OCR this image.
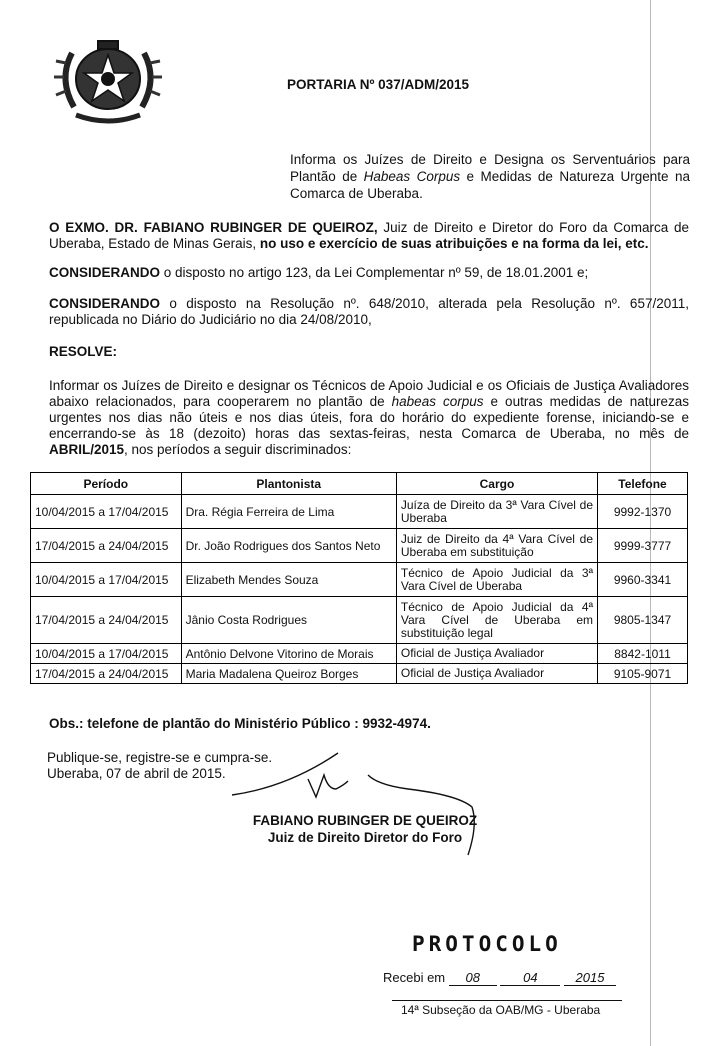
PORTARIA Nº 037/ADM/2015
Informa os Juízes de Direito e Designa os Serventuários para Plantão de Habeas Corpus e Medidas de Natureza Urgente na Comarca de Uberaba.
O EXMO. DR. FABIANO RUBINGER DE QUEIROZ, Juiz de Direito e Diretor do Foro da Comarca de Uberaba, Estado de Minas Gerais, no uso e exercício de suas atribuições e na forma da lei, etc.
CONSIDERANDO o disposto no artigo 123, da Lei Complementar nº 59, de 18.01.2001 e;
CONSIDERANDO o disposto na Resolução nº. 648/2010, alterada pela Resolução nº. 657/2011, republicada no Diário do Judiciário no dia 24/08/2010,
RESOLVE:
Informar os Juízes de Direito e designar os Técnicos de Apoio Judicial e os Oficiais de Justiça Avaliadores abaixo relacionados, para cooperarem no plantão de habeas corpus e outras medidas de naturezas urgentes nos dias não úteis e nos dias úteis, fora do horário do expediente forense, iniciando-se e encerrando-se às 18 (dezoito) horas das sextas-feiras, nesta Comarca de Uberaba, no mês de ABRIL/2015, nos períodos a seguir discriminados:
Período	Plantonista	Cargo	Telefone
10/04/2015 a 17/04/2015	Dra. Régia Ferreira de Lima	Juíza de Direito da 3ª Vara Cível de Uberaba	9992-1370
17/04/2015 a 24/04/2015	Dr. João Rodrigues dos Santos Neto	Juiz de Direito da 4ª Vara Cível de Uberaba em substituição	9999-3777
10/04/2015 a 17/04/2015	Elizabeth Mendes Souza	Técnico de Apoio Judicial da 3ª Vara Cível de Uberaba	9960-3341
17/04/2015 a 24/04/2015	Jânio Costa Rodrigues	Técnico de Apoio Judicial da 4ª Vara Cível de Uberaba em substituição legal	9805-1347
10/04/2015 a 17/04/2015	Antônio Delvone Vitorino de Morais	Oficial de Justiça Avaliador	8842-1011
17/04/2015 a 24/04/2015	Maria Madalena Queiroz Borges	Oficial de Justiça Avaliador	9105-9071
Obs.: telefone de plantão do Ministério Público : 9932-4974.
Publique-se, registre-se e cumpra-se.
Uberaba, 07 de abril de 2015.
FABIANO RUBINGER DE QUEIROZ
Juiz de Direito Diretor do Foro
PROTOCOLO
Recebi em 08	04	2015
14ª Subseção da OAB/MG - Uberaba
